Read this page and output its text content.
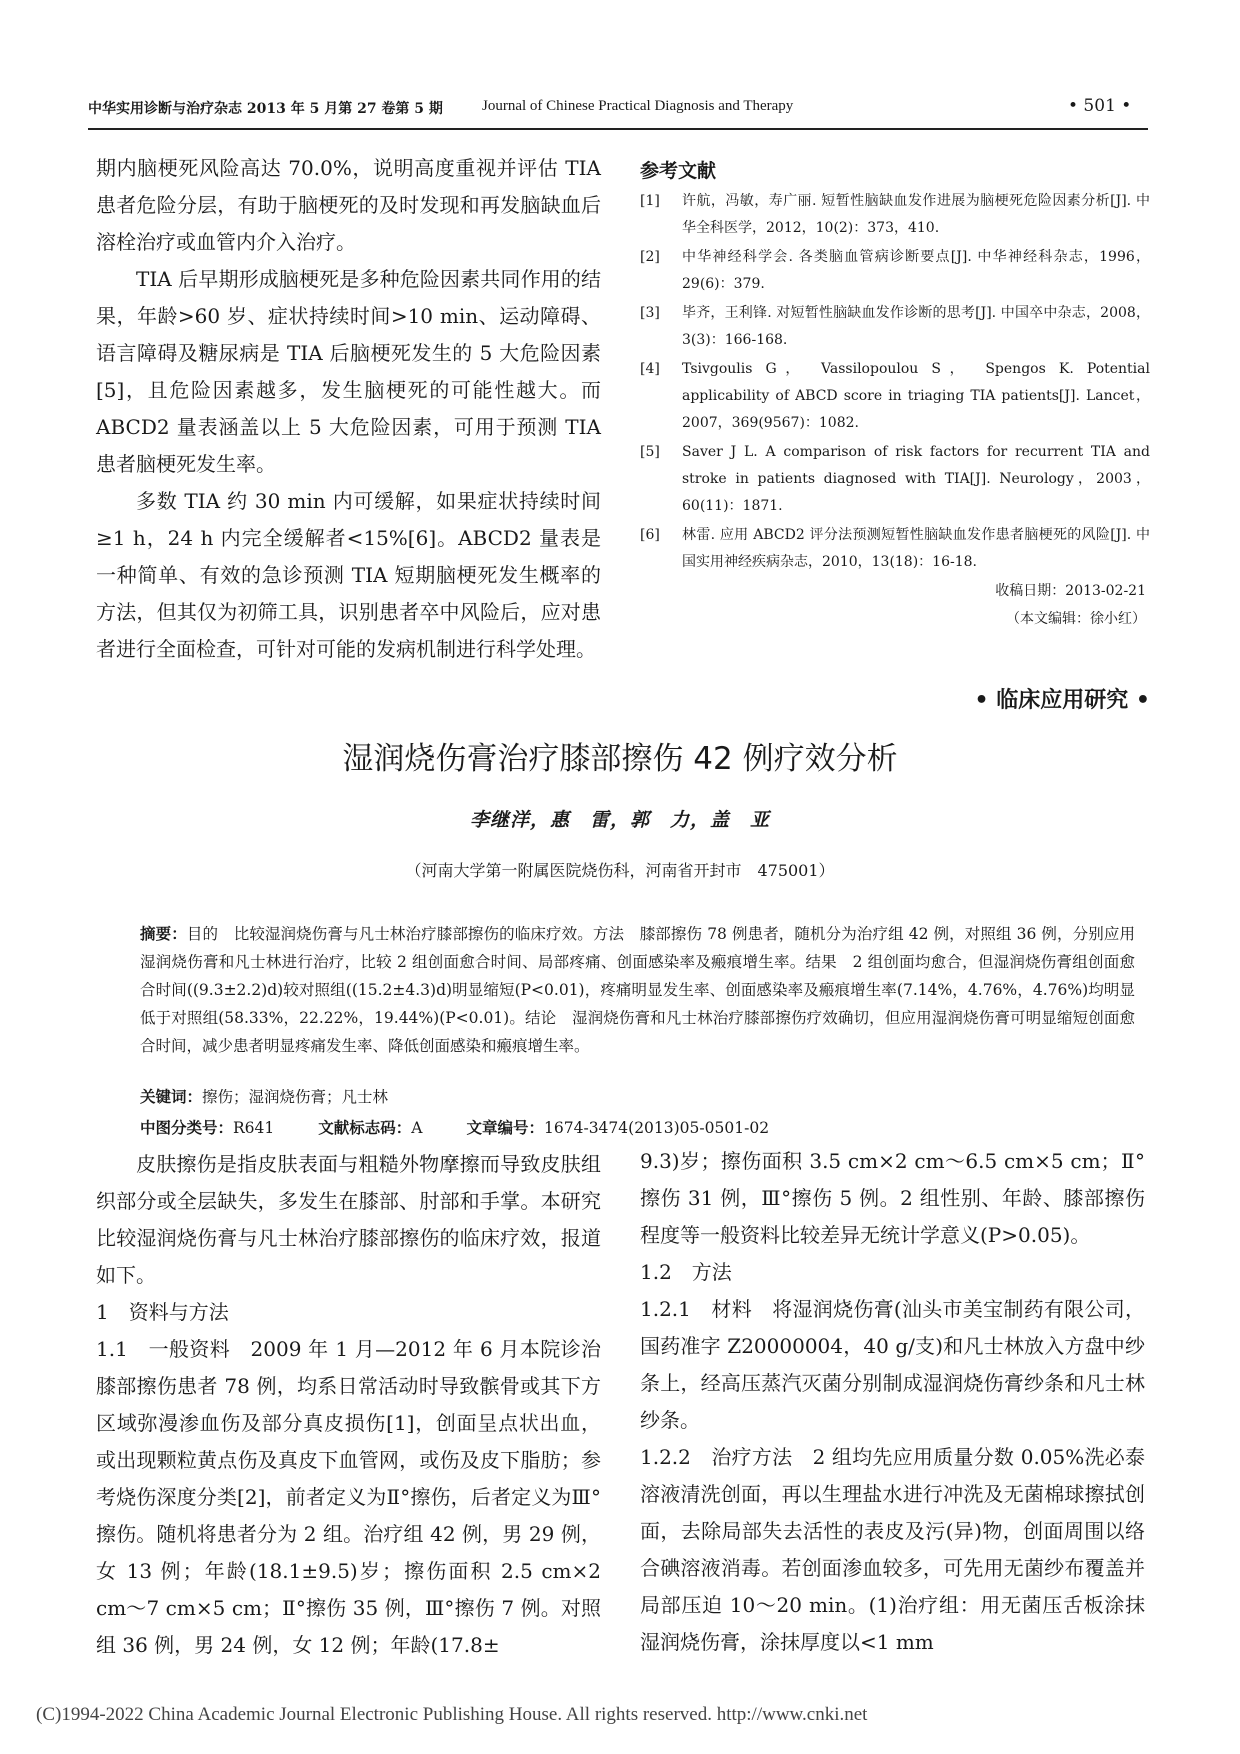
中华实用诊断与治疗杂志 2013 年 5 月第 27 卷第 5 期	Journal of Chinese Practical Diagnosis and Therapy	• 501 •

期内脑梗死风险高达 70.0%，说明高度重视并评估 TIA 患者危险分层，有助于脑梗死的及时发现和再发脑缺血后溶栓治疗或血管内介入治疗。

TIA 后早期形成脑梗死是多种危险因素共同作用的结果，年龄>60 岁、症状持续时间>10 min、运动障碍、语言障碍及糖尿病是 TIA 后脑梗死发生的 5 大危险因素[5]，且危险因素越多，发生脑梗死的可能性越大。而 ABCD2 量表涵盖以上 5 大危险因素，可用于预测 TIA 患者脑梗死发生率。

多数 TIA 约 30 min 内可缓解，如果症状持续时间≥1 h，24 h 内完全缓解者<15%[6]。ABCD2 量表是一种简单、有效的急诊预测 TIA 短期脑梗死发生概率的方法，但其仅为初筛工具，识别患者卒中风险后，应对患者进行全面检查，可针对可能的发病机制进行科学处理。

参考文献
[1] 许航，冯敏，寿广丽. 短暂性脑缺血发作进展为脑梗死危险因素分析[J]. 中华全科医学，2012，10(2)：373，410.
[2] 中华神经科学会. 各类脑血管病诊断要点[J]. 中华神经科杂志，1996，29(6)：379.
[3] 毕齐，王利锋. 对短暂性脑缺血发作诊断的思考[J]. 中国卒中杂志，2008，3(3)：166-168.
[4] Tsivgoulis G， Vassilopoulou S， Spengos K. Potential applicability of ABCD score in triaging TIA patients[J]. Lancet，2007，369(9567)：1082.
[5] Saver J L. A comparison of risk factors for recurrent TIA and stroke in patients diagnosed with TIA[J]. Neurology，2003，60(11)：1871.
[6] 林雷. 应用 ABCD2 评分法预测短暂性脑缺血发作患者脑梗死的风险[J]. 中国实用神经疾病杂志，2010，13(18)：16-18.
收稿日期：2013-02-21
（本文编辑：徐小红）
• 临床应用研究 •
湿润烧伤膏治疗膝部擦伤 42 例疗效分析
李继洋，惠　雷，郭　力，盖　亚
（河南大学第一附属医院烧伤科，河南省开封市　475001）
摘要：目的　比较湿润烧伤膏与凡士林治疗膝部擦伤的临床疗效。方法　膝部擦伤 78 例患者，随机分为治疗组 42 例，对照组 36 例，分别应用湿润烧伤膏和凡士林进行治疗，比较 2 组创面愈合时间、局部疼痛、创面感染率及瘢痕增生率。结果　2 组创面均愈合，但湿润烧伤膏组创面愈合时间((9.3±2.2)d)较对照组((15.2±4.3)d)明显缩短(P<0.01)，疼痛明显发生率、创面感染率及瘢痕增生率(7.14%，4.76%，4.76%)均明显低于对照组(58.33%，22.22%，19.44%)(P<0.01)。结论　湿润烧伤膏和凡士林治疗膝部擦伤疗效确切，但应用湿润烧伤膏可明显缩短创面愈合时间，减少患者明显疼痛发生率、降低创面感染和瘢痕增生率。
关键词：擦伤；湿润烧伤膏；凡士林
中图分类号：R641	文献标志码：A	文章编号：1674-3474(2013)05-0501-02

皮肤擦伤是指皮肤表面与粗糙外物摩擦而导致皮肤组织部分或全层缺失，多发生在膝部、肘部和手掌。本研究比较湿润烧伤膏与凡士林治疗膝部擦伤的临床疗效，报道如下。

1　资料与方法

1.1　一般资料　2009 年 1 月—2012 年 6 月本院诊治膝部擦伤患者 78 例，均系日常活动时导致髌骨或其下方区域弥漫渗血伤及部分真皮损伤[1]，创面呈点状出血，或出现颗粒黄点伤及真皮下血管网，或伤及皮下脂肪；参考烧伤深度分类[2]，前者定义为Ⅱ°擦伤，后者定义为Ⅲ°擦伤。随机将患者分为 2 组。治疗组 42 例，男 29 例，女 13 例；年龄(18.1±9.5)岁；擦伤面积 2.5 cm×2 cm～7 cm×5 cm；Ⅱ°擦伤 35 例，Ⅲ°擦伤 7 例。对照组 36 例，男 24 例，女 12 例；年龄(17.8±

9.3)岁；擦伤面积 3.5 cm×2 cm～6.5 cm×5 cm；Ⅱ°擦伤 31 例，Ⅲ°擦伤 5 例。2 组性别、年龄、膝部擦伤程度等一般资料比较差异无统计学意义(P>0.05)。

1.2　方法

1.2.1　材料　将湿润烧伤膏(汕头市美宝制药有限公司，国药准字 Z20000004，40 g/支)和凡士林放入方盘中纱条上，经高压蒸汽灭菌分别制成湿润烧伤膏纱条和凡士林纱条。

1.2.2　治疗方法　2 组均先应用质量分数 0.05%洗必泰溶液清洗创面，再以生理盐水进行冲洗及无菌棉球擦拭创面，去除局部失去活性的表皮及污(异)物，创面周围以络合碘溶液消毒。若创面渗血较多，可先用无菌纱布覆盖并局部压迫 10～20 min。(1)治疗组：用无菌压舌板涂抹湿润烧伤膏，涂抹厚度以<1 mm

(C)1994-2022 China Academic Journal Electronic Publishing House. All rights reserved. http://www.cnki.net
